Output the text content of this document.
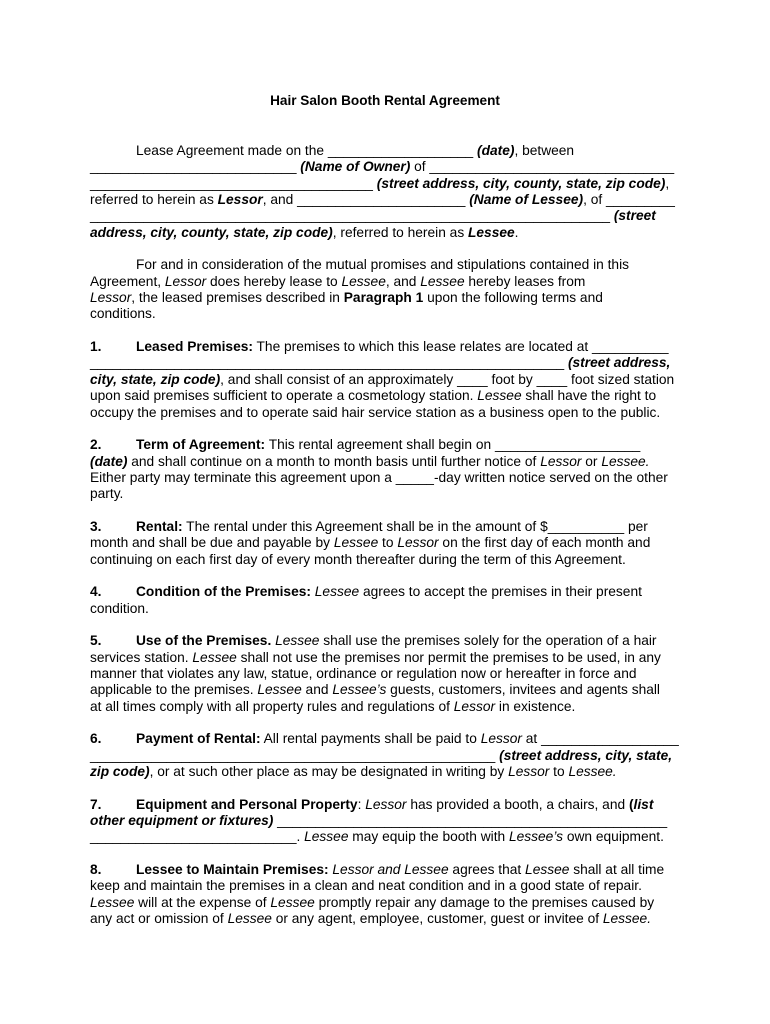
Hair Salon Booth Rental Agreement
Lease Agreement made on the ___________________ (date), between
___________________________ (Name of Owner) of ________________________________
_____________________________________ (street address, city, county, state, zip code),
referred to herein as Lessor, and ______________________ (Name of Lessee), of _________
____________________________________________________________________ (street
address, city, county, state, zip code), referred to herein as Lessee.
For and in consideration of the mutual promises and stipulations contained in this
Agreement, Lessor does hereby lease to Lessee, and Lessee hereby leases from
Lessor, the leased premises described in Paragraph 1 upon the following terms and
conditions.
1.	Leased Premises: The premises to which this lease relates are located at __________
______________________________________________________________ (street address,
city, state, zip code), and shall consist of an approximately ____ foot by ____ foot sized station
upon said premises sufficient to operate a cosmetology station. Lessee shall have the right to
occupy the premises and to operate said hair service station as a business open to the public.
2.	Term of Agreement: This rental agreement shall begin on ___________________
(date) and shall continue on a month to month basis until further notice of Lessor or Lessee.
Either party may terminate this agreement upon a _____-day written notice served on the other
party.
3.	Rental: The rental under this Agreement shall be in the amount of $__________ per
month and shall be due and payable by Lessee to Lessor on the first day of each month and
continuing on each first day of every month thereafter during the term of this Agreement.
4.	Condition of the Premises: Lessee agrees to accept the premises in their present
condition.
5.	Use of the Premises. Lessee shall use the premises solely for the operation of a hair
services station. Lessee shall not use the premises nor permit the premises to be used, in any
manner that violates any law, statue, ordinance or regulation now or hereafter in force and
applicable to the premises. Lessee and Lessee’s guests, customers, invitees and agents shall
at all times comply with all property rules and regulations of Lessor in existence.
6.	Payment of Rental: All rental payments shall be paid to Lessor at __________________
_____________________________________________________ (street address, city, state,
zip code), or at such other place as may be designated in writing by Lessor to Lessee.
7.	Equipment and Personal Property: Lessor has provided a booth, a chairs, and (list
other equipment or fixtures) ___________________________________________________
___________________________. Lessee may equip the booth with Lessee’s own equipment.
8.	Lessee to Maintain Premises: Lessor and Lessee agrees that Lessee shall at all time
keep and maintain the premises in a clean and neat condition and in a good state of repair.
Lessee will at the expense of Lessee promptly repair any damage to the premises caused by
any act or omission of Lessee or any agent, employee, customer, guest or invitee of Lessee.
